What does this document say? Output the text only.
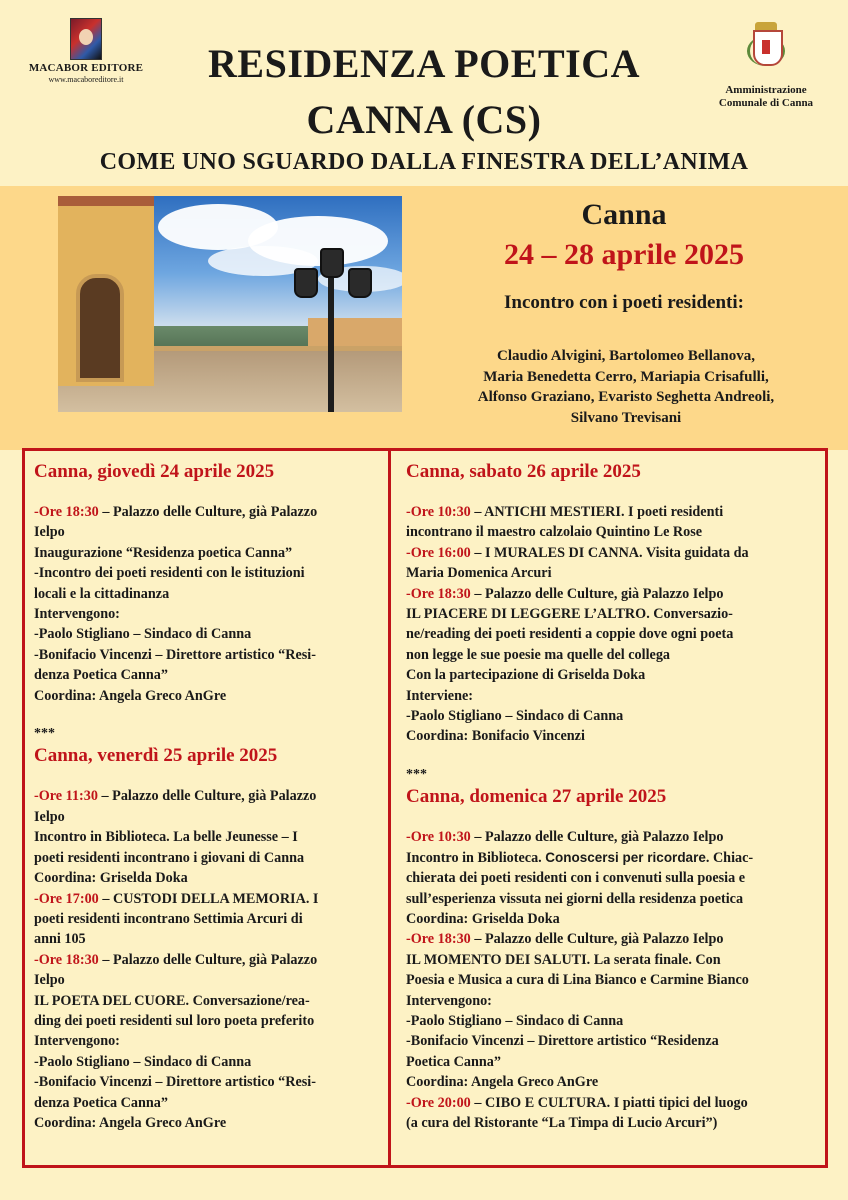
MACABOR EDITORE
www.macaboreditore.it	RESIDENZA POETICA
CANNA (CS)
COME UNO SGUARDO DALLA FINESTRA DELL’ANIMA
Amministrazione
Comunale di Canna
Canna
24 – 28 aprile 2025
Incontro con i poeti residenti:
Claudio Alvigini, Bartolomeo Bellanova,
Maria Benedetta Cerro, Mariapia Crisafulli,
Alfonso Graziano, Evaristo Seghetta Andreoli,
Silvano Trevisani
Canna, giovedì 24 aprile 2025
-Ore 18:30 – Palazzo delle Culture, già Palazzo
Ielpo
Inaugurazione “Residenza poetica Canna”
-Incontro dei poeti residenti con le istituzioni
locali e la cittadinanza
Intervengono:
-Paolo Stigliano – Sindaco di Canna
-Bonifacio Vincenzi – Direttore artistico “Resi-
denza Poetica Canna”
Coordina: Angela Greco AnGre
***
Canna, venerdì 25 aprile 2025
-Ore 11:30 – Palazzo delle Culture, già Palazzo
Ielpo
Incontro in Biblioteca. La belle Jeunesse – I
poeti residenti incontrano i giovani di Canna
Coordina: Griselda Doka
-Ore 17:00 – CUSTODI DELLA MEMORIA. I
poeti residenti incontrano Settimia Arcuri di
anni 105
-Ore 18:30 – Palazzo delle Culture, già Palazzo
Ielpo
IL POETA DEL CUORE. Conversazione/rea-
ding dei poeti residenti sul loro poeta preferito
Intervengono:
-Paolo Stigliano – Sindaco di Canna
-Bonifacio Vincenzi – Direttore artistico “Resi-
denza Poetica Canna”
Coordina: Angela Greco AnGre
Canna, sabato 26 aprile 2025
-Ore 10:30 – ANTICHI MESTIERI. I poeti residenti
incontrano il maestro calzolaio Quintino Le Rose
-Ore 16:00 – I MURALES DI CANNA. Visita guidata da
Maria Domenica Arcuri
-Ore 18:30 – Palazzo delle Culture, già Palazzo Ielpo
IL PIACERE DI LEGGERE L’ALTRO. Conversazio-
ne/reading dei poeti residenti a coppie dove ogni poeta
non legge le sue poesie ma quelle del collega
Con la partecipazione di Griselda Doka
Interviene:
-Paolo Stigliano – Sindaco di Canna
Coordina: Bonifacio Vincenzi
***
Canna, domenica 27 aprile 2025
-Ore 10:30 – Palazzo delle Culture, già Palazzo Ielpo
Incontro in Biblioteca. Conoscersi per ricordare. Chiac-
chierata dei poeti residenti con i convenuti sulla poesia e
sull’esperienza vissuta nei giorni della residenza poetica
Coordina: Griselda Doka
-Ore 18:30 – Palazzo delle Culture, già Palazzo Ielpo
IL MOMENTO DEI SALUTI. La serata finale. Con
Poesia e Musica a cura di Lina Bianco e Carmine Bianco
Intervengono:
-Paolo Stigliano – Sindaco di Canna
-Bonifacio Vincenzi – Direttore artistico “Residenza
Poetica Canna”
Coordina: Angela Greco AnGre
-Ore 20:00 – CIBO E CULTURA. I piatti tipici del luogo
(a cura del Ristorante “La Timpa di Lucio Arcuri”)
